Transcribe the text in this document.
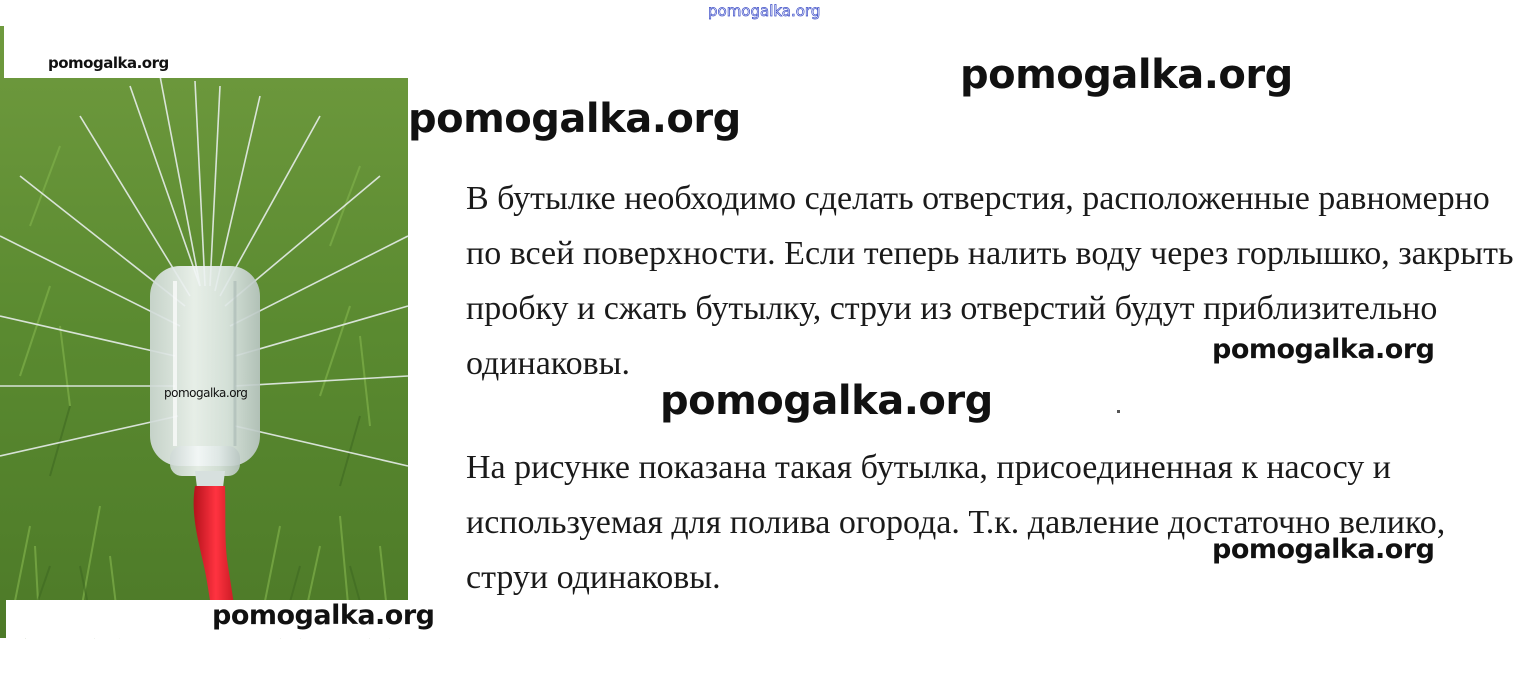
pomogalka.org
pomogalka.org
pomogalka.org
pomogalka.org
pomogalka.org
pomogalka.org

В бутылке необходимо сделать отверстия, расположенные равномерно по всей поверхности. Если теперь налить воду через горлышко, закрыть пробку и сжать бутылку, струи из отверстий будут приблизительно одинаковы.	pomogalka.org
pomogalka.org

На рисунке показана такая бутылка, присоединенная к насосу и используемая для полива огорода. Т.к. давление достаточно велико, струи одинаковы.

pomogalka.org
